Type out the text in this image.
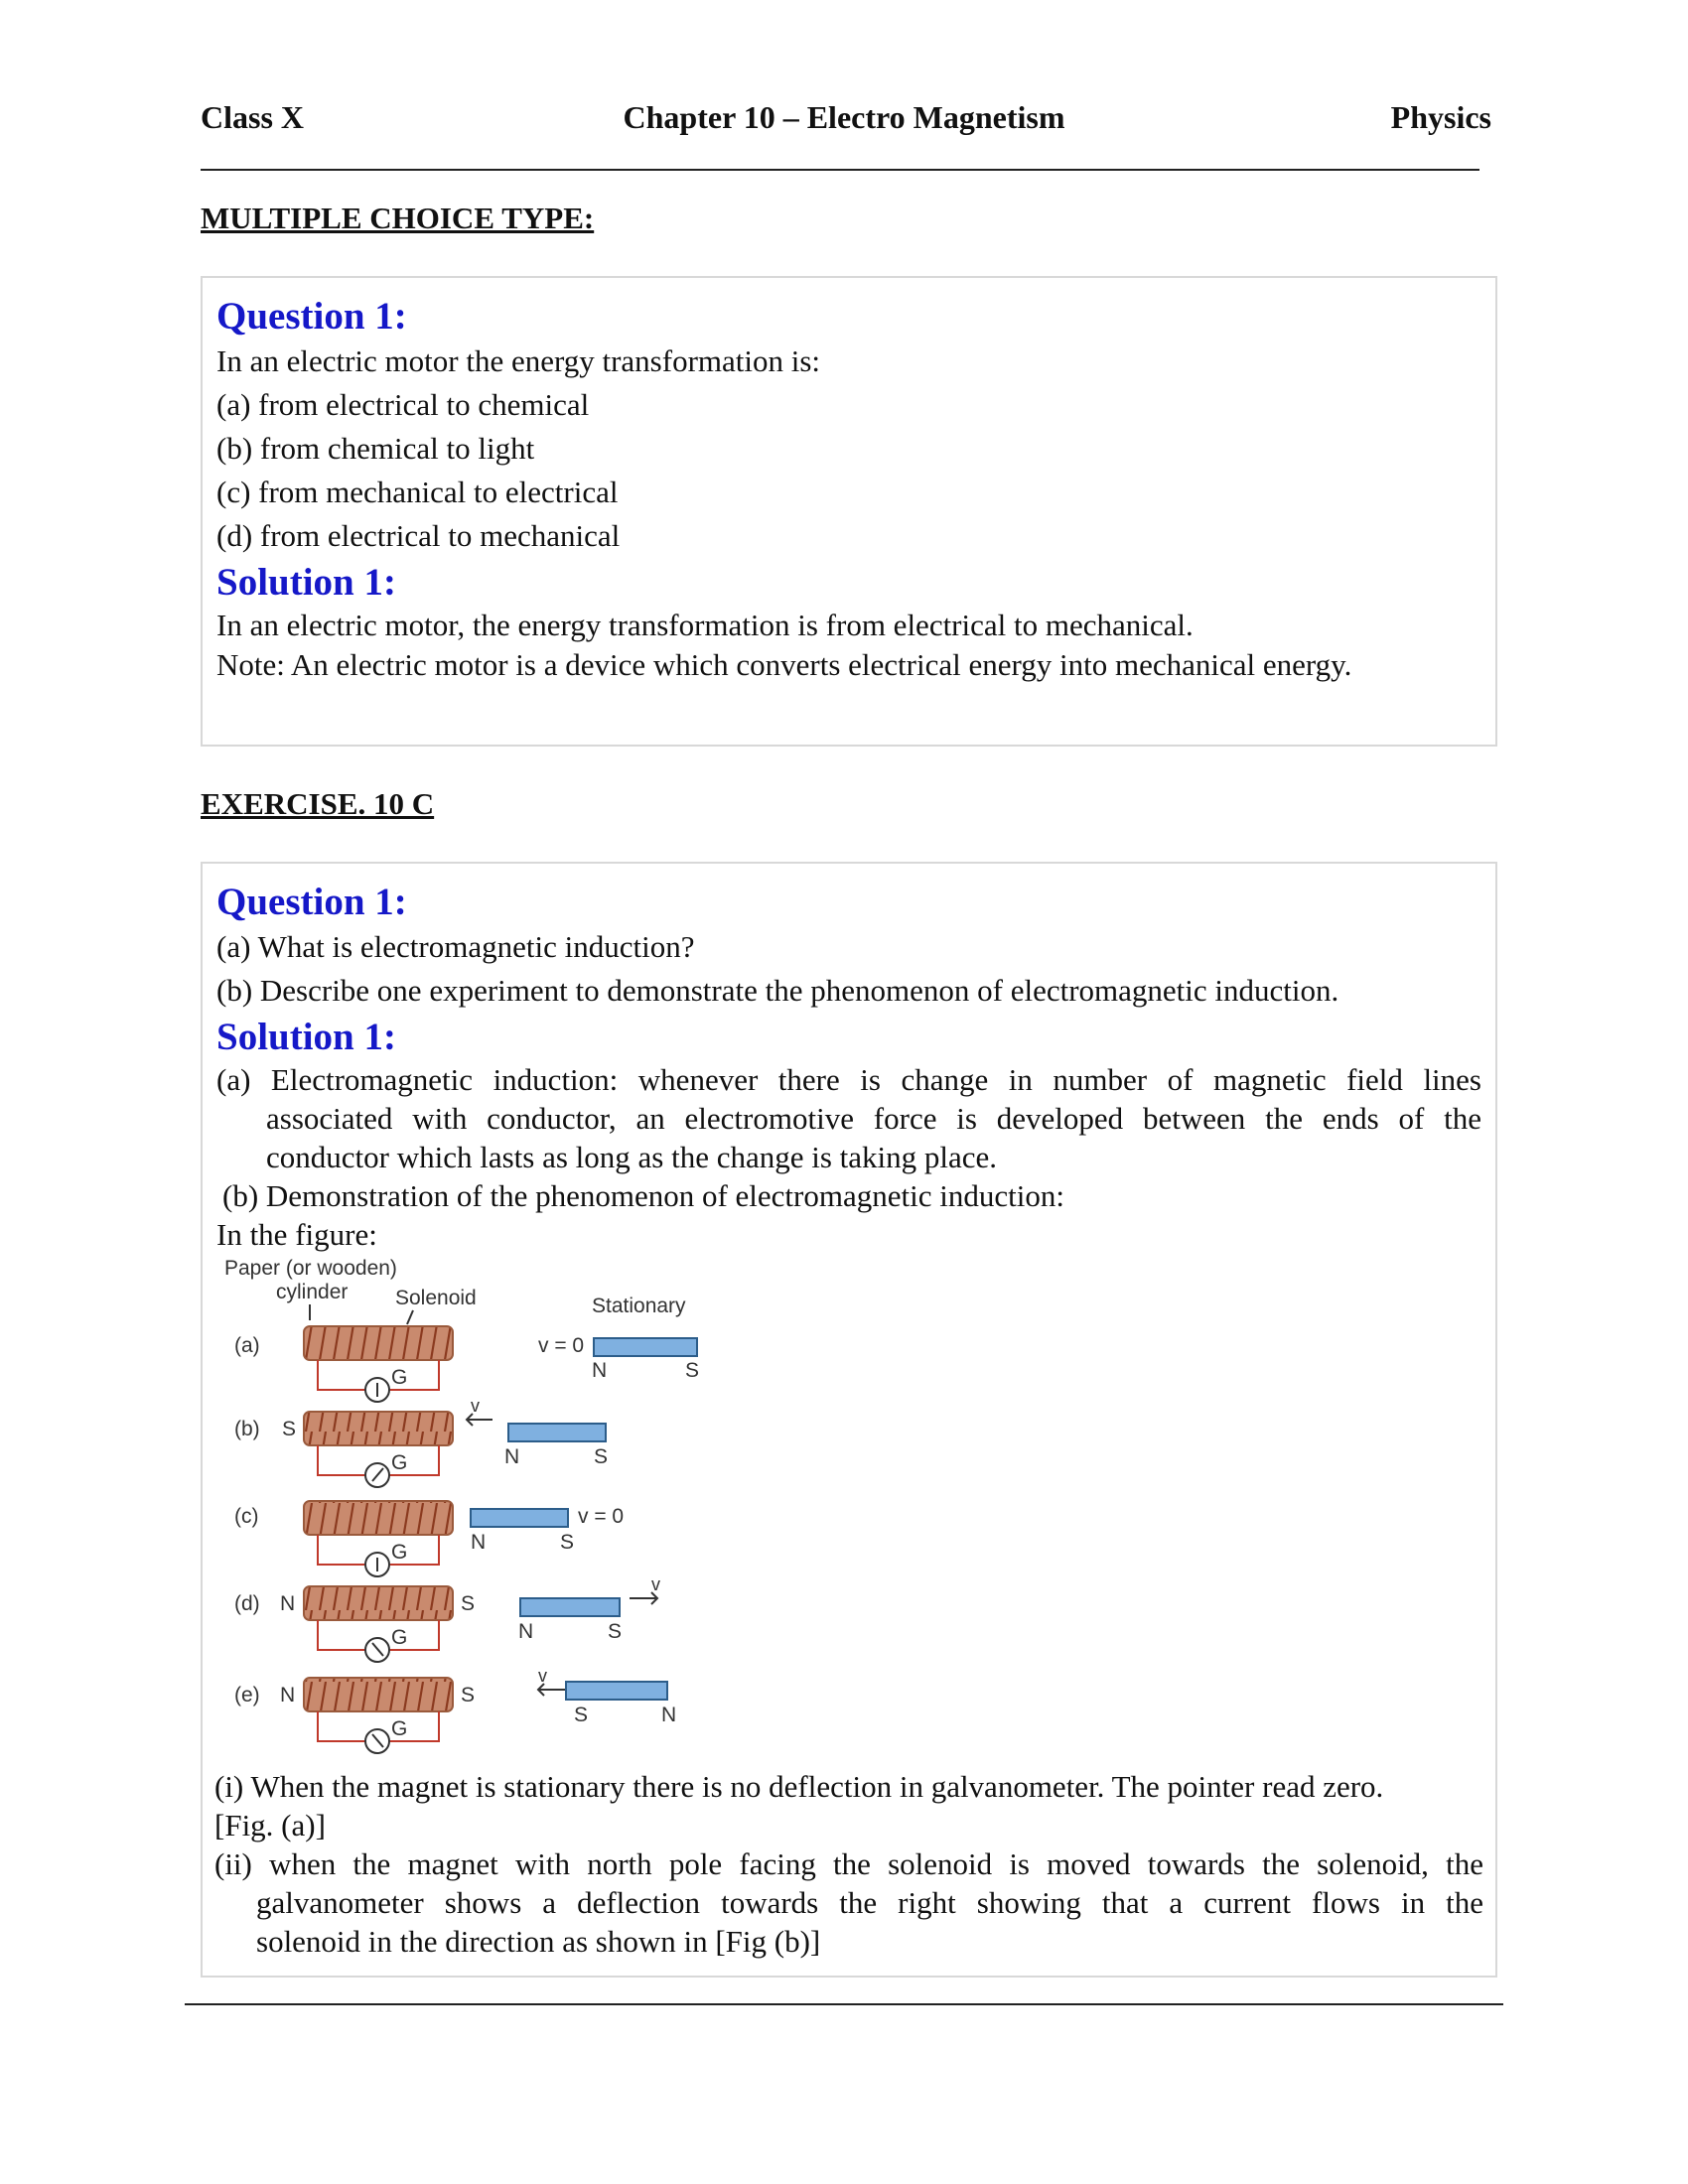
Class X	Chapter 10 – Electro Magnetism	Physics
MULTIPLE CHOICE TYPE:
Question 1:
In an electric motor the energy transformation is:
(a) from electrical to chemical
(b) from chemical to light
(c) from mechanical to electrical
(d) from electrical to mechanical
Solution 1:
In an electric motor, the energy transformation is from electrical to mechanical.
Note: An electric motor is a device which converts electrical energy into mechanical energy.
EXERCISE. 10 C
Question 1:
(a) What is electromagnetic induction?
(b) Describe one experiment to demonstrate the phenomenon of electromagnetic induction.
Solution 1:
(a) Electromagnetic induction: whenever there is change in number of magnetic field lines
associated with conductor, an electromotive force is developed between the ends of the
conductor which lasts as long as the change is taking place.
(b) Demonstration of the phenomenon of electromagnetic induction:
In the figure:
Paper (or wooden)
cylinder Solenoid
(a)
G
v = 0
Stationary
N	S
(b) S
G
v
N	S
(c)
G	N	S
v = 0
(d) N	S
G	N	S
v
(e) N	S
G
v
S	N
(i) When the magnet is stationary there is no deflection in galvanometer. The pointer read zero.
[Fig. (a)]
(ii) when the magnet with north pole facing the solenoid is moved towards the solenoid, the
galvanometer shows a deflection towards the right showing that a current flows in the
solenoid in the direction as shown in [Fig (b)]
